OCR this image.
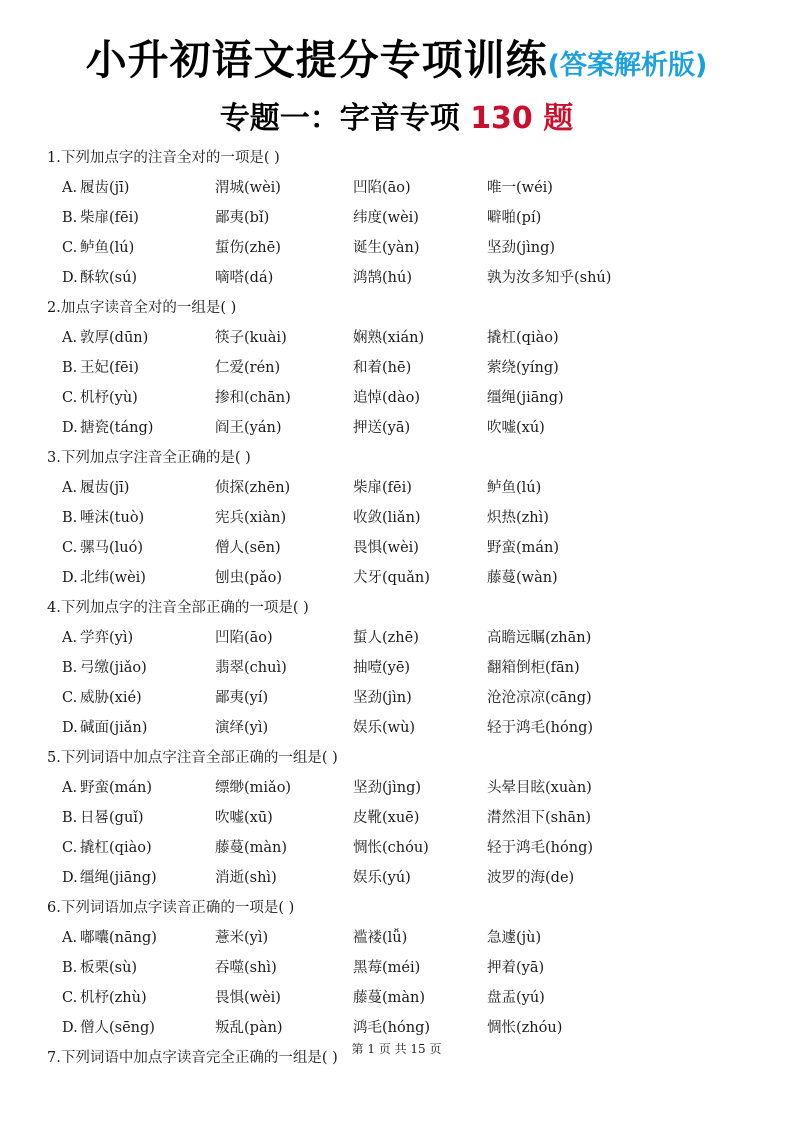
小升初语文提分专项训练(答案解析版)
专题一：字音专项 130 题
1.下列加点字的注音全对的一项是( )
A. 履齿(jī)	渭城(wèi)	凹陷(āo)	唯一(wéi)
B. 柴扉(fēi)	鄙夷(bǐ)	纬度(wèi)	噼啪(pí)
C. 鲈鱼(lú)	蜇伤(zhē)	诞生(yàn)	坚劲(jìng)
D. 酥软(sú)	嘀嗒(dá)	鸿鹄(hú)	孰为汝多知乎(shú)
2.加点字读音全对的一组是( )
A. 敦厚(dūn)	筷子(kuài)	娴熟(xián)	撬杠(qiào)
B. 王妃(fēi)	仁爱(rén)	和着(hē)	萦绕(yíng)
C. 机杼(yù)	掺和(chān)	追悼(dào)	缰绳(jiāng)
D. 搪瓷(táng)	阎王(yán)	押送(yā)	吹嘘(xú)
3.下列加点字注音全正确的是( )
A. 履齿(jī)	侦探(zhēn)	柴扉(fēi)	鲈鱼(lú)
B. 唾沫(tuò)	宪兵(xiàn)	收敛(liǎn)	炽热(zhì)
C. 骡马(luó)	僧人(sēn)	畏惧(wèi)	野蛮(mán)
D. 北纬(wèi)	刨虫(pǎo)	犬牙(quǎn)	藤蔓(wàn)
4.下列加点字的注音全部正确的一项是( )
A. 学弈(yì)	凹陷(āo)	蜇人(zhē)	高瞻远瞩(zhān)
B. 弓缴(jiǎo)	翡翠(chuì)	抽噎(yē)	翻箱倒柜(fān)
C. 威胁(xié)	鄙夷(yí)	坚劲(jìn)	沧沧凉凉(cāng)
D. 碱面(jiǎn)	演绎(yì)	娱乐(wù)	轻于鸿毛(hóng)
5.下列词语中加点字注音全部正确的一组是( )
A. 野蛮(mán)	缥缈(miǎo)	坚劲(jìng)	头晕目眩(xuàn)
B. 日晷(guǐ)	吹嘘(xū)	皮靴(xuē)	潸然泪下(shān)
C. 撬杠(qiào)	藤蔓(màn)	惆怅(chóu)	轻于鸿毛(hóng)
D. 缰绳(jiāng)	消逝(shì)	娱乐(yú)	波罗的海(de)
6.下列词语加点字读音正确的一项是( )
A. 嘟囔(nāng)	薏米(yì)	褴褛(lǚ)	急遽(jù)
B. 板栗(sù)	吞噬(shì)	黑莓(méi)	押着(yā)
C. 机杼(zhù)	畏惧(wèi)	藤蔓(màn)	盘盂(yú)
D. 僧人(sēng)	叛乱(pàn)	鸿毛(hóng)	惆怅(zhóu)
7.下列词语中加点字读音完全正确的一组是( )
第 1 页 共 15 页
